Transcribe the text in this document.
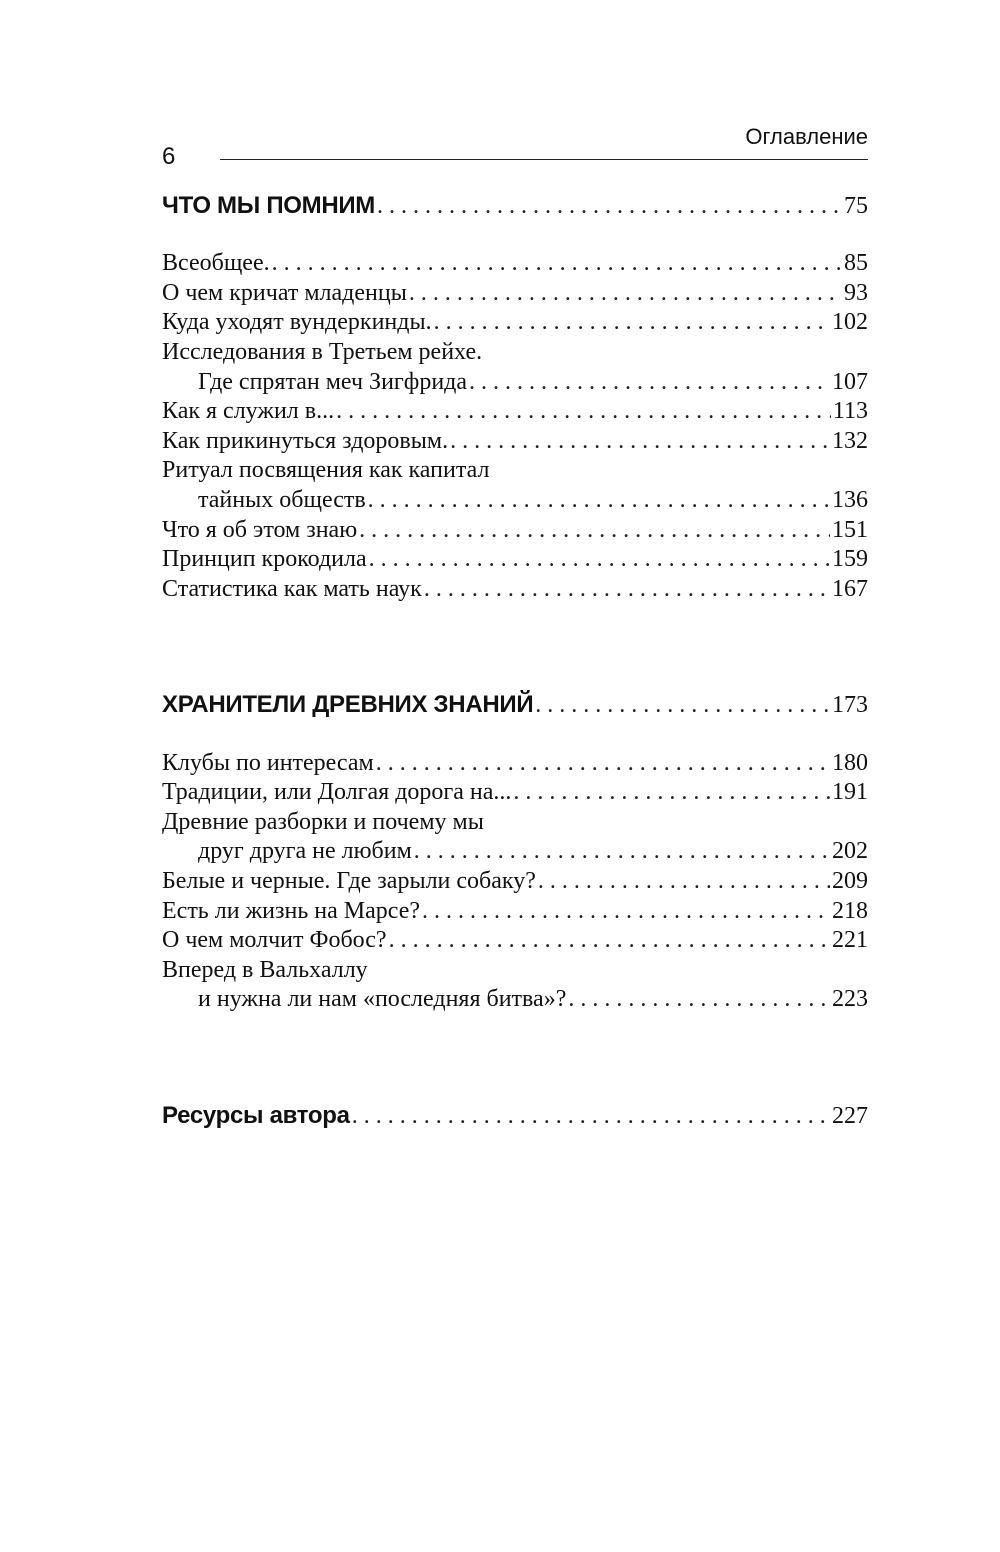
6
Оглавление
ЧТО МЫ ПОМНИМ .....	75
Всеобщее. .....	85
О чем кричат младенцы .....	93
Куда уходят вундеркинды. .....	102
Исследования в Третьем рейхе.
Где спрятан меч Зигфрида .....	107
Как я служил в... .....	113
Как прикинуться здоровым. .....	132
Ритуал посвящения как капитал
тайных обществ .....	136
Что я об этом знаю .....	151
Принцип крокодила .....	159
Статистика как мать наук .....	167
ХРАНИТЕЛИ ДРЕВНИХ ЗНАНИЙ .....	173
Клубы по интересам .....	180
Традиции, или Долгая дорога на... .....	191
Древние разборки и почему мы
друг друга не любим .....	202
Белые и черные. Где зарыли собаку? .....	209
Есть ли жизнь на Марсе? .....	218
О чем молчит Фобос? .....	221
Вперед в Вальхаллу
и нужна ли нам «последняя битва»? .....	223
Ресурсы автора .....	227
